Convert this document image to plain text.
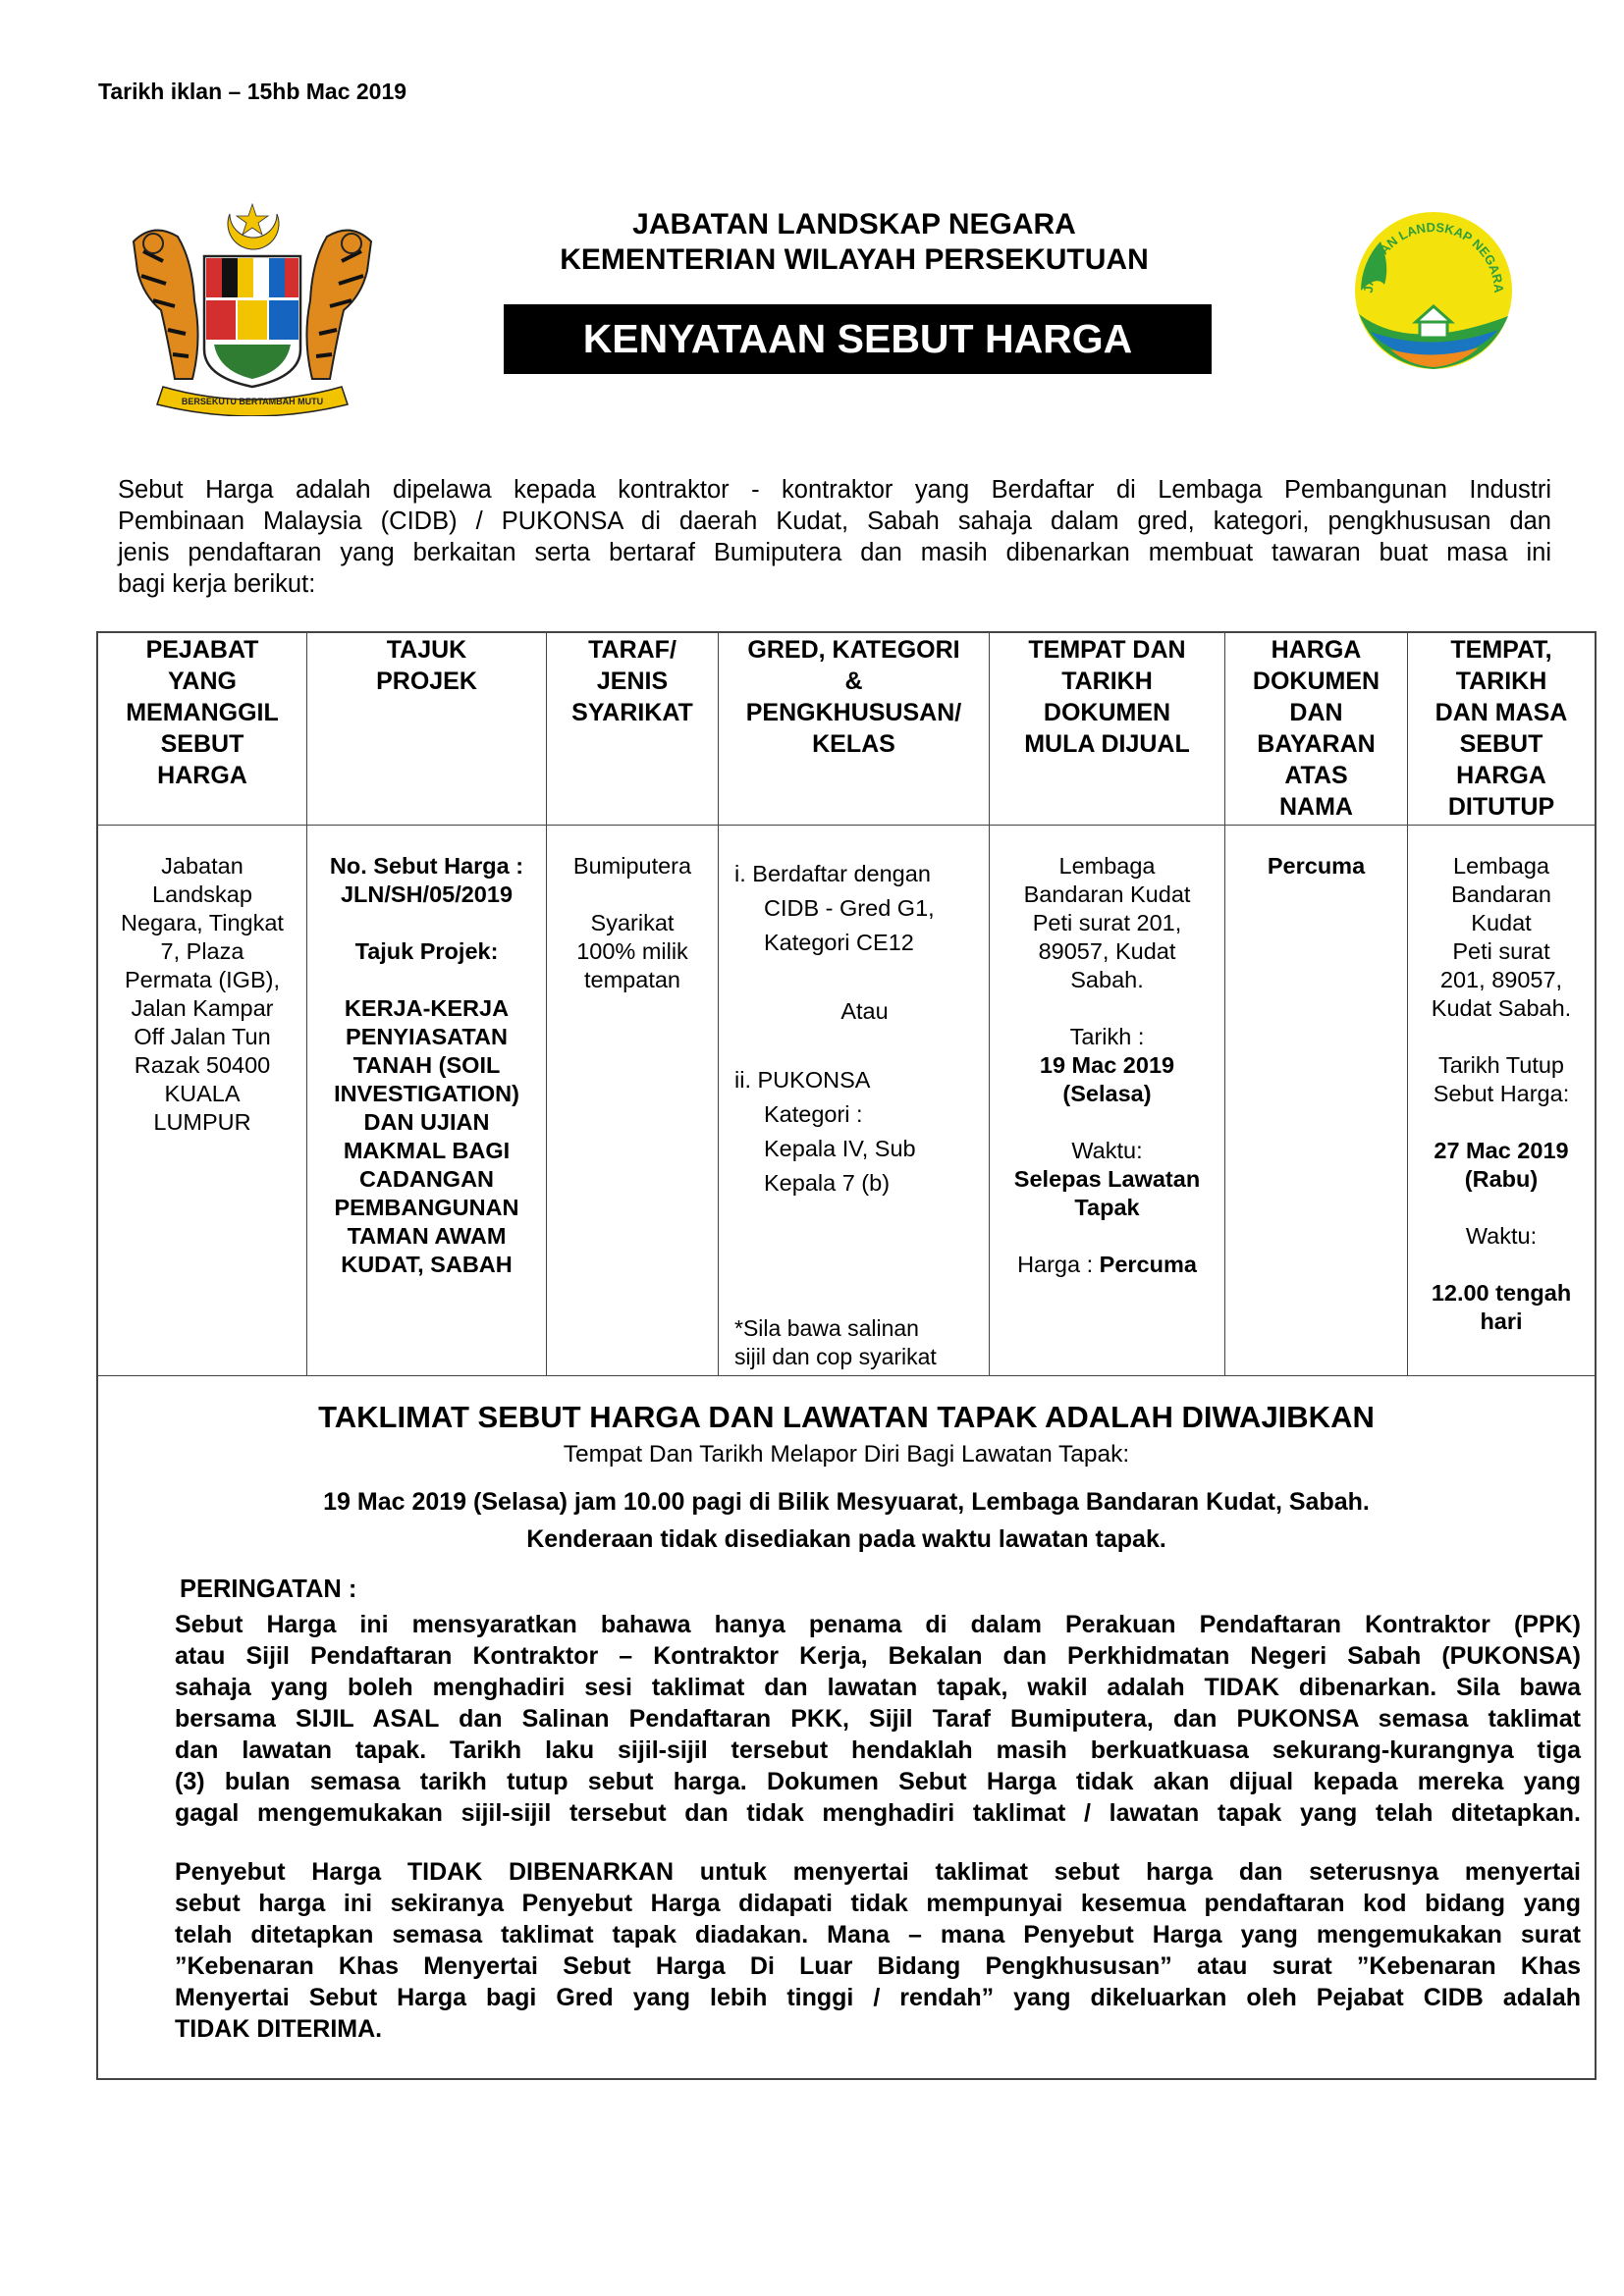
Tarikh iklan – 15hb Mac 2019
BERSEKUTU BERTAMBAH MUTU
JABATAN LANDSKAP NEGARA
KEMENTERIAN WILAYAH PERSEKUTUAN
KENYATAAN SEBUT HARGA
JABATAN LANDSKAP NEGARA
Sebut Harga adalah dipelawa kepada kontraktor - kontraktor yang Berdaftar di Lembaga Pembangunan Industri
Pembinaan Malaysia (CIDB) / PUKONSA di daerah Kudat, Sabah sahaja dalam gred, kategori, pengkhususan dan
jenis pendaftaran yang berkaitan serta bertaraf Bumiputera dan masih dibenarkan membuat tawaran buat masa ini
bagi kerja berikut:
PEJABAT
YANG
MEMANGGIL
SEBUT
HARGA
TAJUK
PROJEK
TARAF/
JENIS
SYARIKAT
GRED, KATEGORI
&
PENGKHUSUSAN/
KELAS
TEMPAT DAN
TARIKH
DOKUMEN
MULA DIJUAL
HARGA
DOKUMEN
DAN
BAYARAN
ATAS
NAMA
TEMPAT,
TARIKH
DAN MASA
SEBUT
HARGA
DITUTUP
Jabatan
Landskap
Negara, Tingkat
7, Plaza
Permata (IGB),
Jalan Kampar
Off Jalan Tun
Razak 50400
KUALA
LUMPUR
No. Sebut Harga :
JLN/SH/05/2019
Tajuk Projek:
KERJA-KERJA
PENYIASATAN
TANAH (SOIL
INVESTIGATION)
DAN UJIAN
MAKMAL BAGI
CADANGAN
PEMBANGUNAN
TAMAN AWAM
KUDAT, SABAH
Bumiputera
Syarikat
100% milik
tempatan
i. Berdaftar dengan
CIDB - Gred G1,
Kategori CE12
Atau
ii. PUKONSA
Kategori :
Kepala IV, Sub
Kepala 7 (b)
*Sila bawa salinan
sijil dan cop syarikat
Lembaga
Bandaran Kudat
Peti surat 201,
89057, Kudat
Sabah.
Tarikh :
19 Mac 2019
(Selasa)
Waktu:
Selepas Lawatan
Tapak
Harga : Percuma
Percuma	Lembaga
Bandaran
Kudat
Peti surat
201, 89057,
Kudat Sabah.
Tarikh Tutup
Sebut Harga:
27 Mac 2019
(Rabu)
Waktu:
12.00 tengah
hari
TAKLIMAT SEBUT HARGA DAN LAWATAN TAPAK ADALAH DIWAJIBKAN
Tempat Dan Tarikh Melapor Diri Bagi Lawatan Tapak:
19 Mac 2019 (Selasa) jam 10.00 pagi di Bilik Mesyuarat, Lembaga Bandaran Kudat, Sabah.
Kenderaan tidak disediakan pada waktu lawatan tapak.
PERINGATAN :
Sebut Harga ini mensyaratkan bahawa hanya penama di dalam Perakuan Pendaftaran Kontraktor (PPK)
atau Sijil Pendaftaran Kontraktor – Kontraktor Kerja, Bekalan dan Perkhidmatan Negeri Sabah (PUKONSA)
sahaja yang boleh menghadiri sesi taklimat dan lawatan tapak, wakil adalah TIDAK dibenarkan. Sila bawa
bersama SIJIL ASAL dan Salinan Pendaftaran PKK, Sijil Taraf Bumiputera, dan PUKONSA semasa taklimat
dan lawatan tapak. Tarikh laku sijil-sijil tersebut hendaklah masih berkuatkuasa sekurang-kurangnya tiga
(3) bulan semasa tarikh tutup sebut harga. Dokumen Sebut Harga tidak akan dijual kepada mereka yang
gagal mengemukakan sijil-sijil tersebut dan tidak menghadiri taklimat / lawatan tapak yang telah ditetapkan.
Penyebut Harga TIDAK DIBENARKAN untuk menyertai taklimat sebut harga dan seterusnya menyertai
sebut harga ini sekiranya Penyebut Harga didapati tidak mempunyai kesemua pendaftaran kod bidang yang
telah ditetapkan semasa taklimat tapak diadakan. Mana – mana Penyebut Harga yang mengemukakan surat
”Kebenaran Khas Menyertai Sebut Harga Di Luar Bidang Pengkhususan” atau surat ”Kebenaran Khas
Menyertai Sebut Harga bagi Gred yang lebih tinggi / rendah” yang dikeluarkan oleh Pejabat CIDB adalah
TIDAK DITERIMA.
